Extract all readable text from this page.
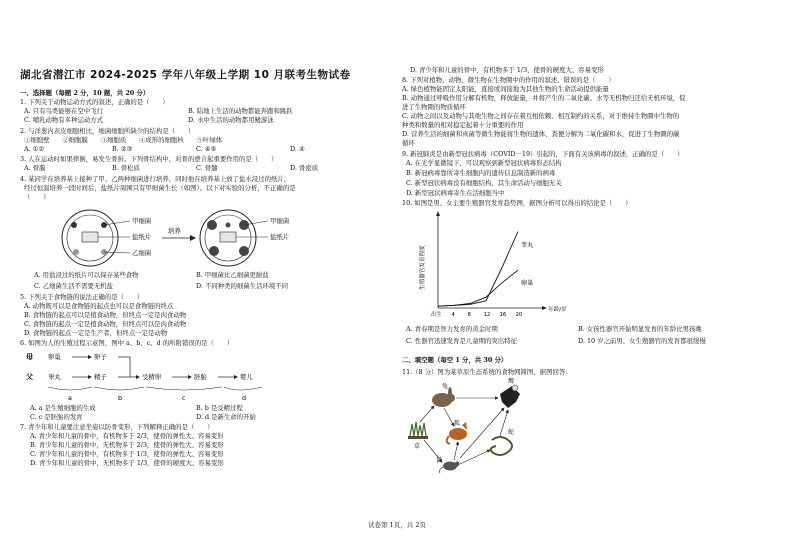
湖北省潜江市 2024-2025 学年八年级上学期 10 月联考生物试卷
一、选择题（每题 2 分，10 题，共 20 分）
1. 下列关于动物运动方式的叙述，正确的是（　　）
A. 只有鸟类能够在空中飞行	B. 陆地上生活的动物都能奔跑和跳跃
C. 哺乳动物有多种运动方式	D. 水中生活的动物都用鳍游泳
2. 与洋葱内表皮细胞相比，细菌细胞所缺少的结构是（　　）
①细胞壁　　②细胞膜　　③细胞质　　④成形的细胞核　　⑤叶绿体
A. ①②	B. ②③	C. ④⑤	D. ④
3. 人在运动时如果摔倒，易发生骨折。下列骨结构中，对骨的愈合起重要作用的是（　　）
A. 骨膜	B. 骨松质	C. 骨髓	D. 骨密质
4. 某同学在培养基上接种了甲、乙两种细菌进行培养，同时他在培养基上放了盐水浸过的纸片，
经过恒温培养一段时间后，盐纸片周围只有甲细菌生长（如图）。以下对实验的分析，不正确的是
（　　）
甲细菌
盐纸片
乙细菌
培养
甲细菌
盐纸片
A. 用盐浸过的纸片可以保存某些食物	B. 甲细菌比乙细菌更耐盐
C. 乙细菌生活不需要无机盐	D. 不同种类的细菌生活环境不同
5. 下列关于食物链的说法正确的是（　　）
A. 动物既可以是食物链的起点也可以是食物链的终点
B. 食物链的起点可以是植食动物，但终点一定是肉食动物
C. 食物链的起点一定是植食动物，但终点可以是肉食动物
D. 食物链的起点一定是生产者，但终点一定是动物
6. 如图为人的生殖过程示意图，图中 a、b、c、d 的所附错误的是（　　）
母
父
卵巢
睾丸
卵子
精子	受精卵	胚胎	婴儿
a	b	c	d
A. a 是生殖细胞的生成	B. b 是受精过程
C. c 是胚胎的发育	D. d 是新生命的开始
7. 青少年和儿童要注意坐姿以防骨变形，下列解释正确的是（　　）
A. 青少年和儿童的骨中，有机物多于 2/3，使骨的弹性大、容易变形
B. 青少年和儿童的骨中，无机物多于 2/3，使骨的弹性大、容易变形
C. 青少年和儿童的骨中，有机物多于 1/3，使骨的弹性大、容易变形
D. 青少年和儿童的骨中，无机物多于 1/3，使骨的硬度大、容易变形
D. 青少年和儿童的骨中，有机物多于 1/3，使骨的硬度大、容易变形
8. 下列对植物、动物、微生物在生物圈中的作用的叙述，错误的是（　　）
A. 绿色植物能固定太阳能，直接或间接地为其他生物的生命活动提供能量
B. 动物通过呼吸作用分解有机物，释放能量，并将产生的二氧化碳、水等无机物归还给无机环境，促
进了生物圈的物质循环
C. 动物之间以及动物与其他生物之间存在着互相依赖、相互制约的关系，对于维持生物圈中生物的
种类和数量的相对稳定起着十分重要的作用
D. 营养生活的细菌和真菌等微生物能将生物的遗体、粪便分解为二氧化碳和水，促进了生物圈的碳
循环
9. 新冠肺炎是由新型冠状病毒（COVID－19）引起的，下面有关该病毒的叙述，正确的是（　　）
A. 在光学显微镜下，可以观察到新型冠状病毒形态结构
B. 新冠病毒靠所寄生细胞内的遗传信息制造新的病毒
C. 新型冠状病毒没有细胞结构，其生命活动与细胞无关
D. 新型冠状病毒寄生在活细胞当中
10. 如图是男、女主要生殖器官发育趋势图，据图分析可以得出的结论是（　　）
生殖器官发育程度
年龄/岁
出生 4 8 12 16 20
睾丸
卵巢
A. 青春期是智力发育的黄金时期	B. 女孩性器官开始明显发育的年龄比男孩晚
C. 性器官迅速发育是儿童期的突出特征	D. 10 岁之前男、女生殖器官的发育都很缓慢
二、填空题（每空 1 分，共 30 分）
11.（8 分）图为某草原生态系统的食物网简图，据图回答：
草
兔
鹰
狐
蛇
鼠
试卷第 1页，共 2页
